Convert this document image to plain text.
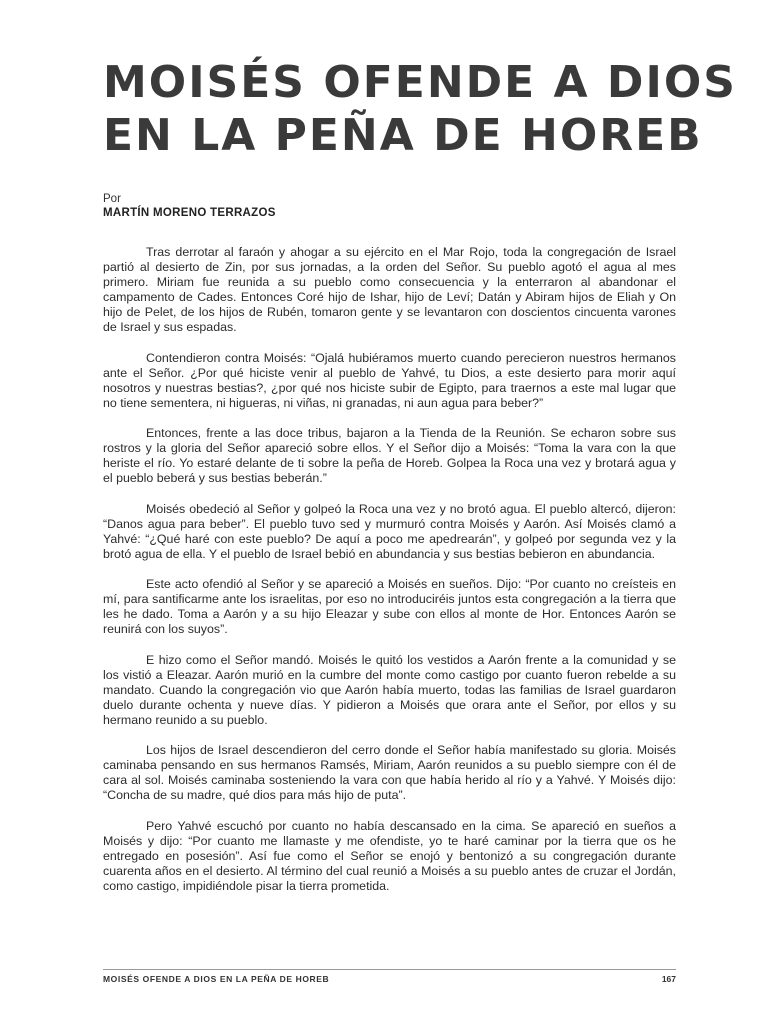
MOISÉS OFENDE A DIOS
EN LA PEÑA DE HOREB
Por
MARTÍN MORENO TERRAZOS

Tras derrotar al faraón y ahogar a su ejército en el Mar Rojo, toda la congregación de Israel partió al desierto de Zin, por sus jornadas, a la orden del Señor. Su pueblo agotó el agua al mes primero. Miriam fue reunida a su pueblo como consecuencia y la enterraron al abandonar el campamento de Cades. Entonces Coré hijo de Ishar, hijo de Leví; Datán y Abiram hijos de Eliah y On hijo de Pelet, de los hijos de Rubén, tomaron gente y se levantaron con doscientos cincuenta varones de Israel y sus espadas.

Contendieron contra Moisés: “Ojalá hubiéramos muerto cuando perecieron nuestros hermanos ante el Señor. ¿Por qué hiciste venir al pueblo de Yahvé, tu Dios, a este desierto para morir aquí nosotros y nuestras bestias?, ¿por qué nos hiciste subir de Egipto, para traernos a este mal lugar que no tiene sementera, ni higueras, ni viñas, ni granadas, ni aun agua para beber?”

Entonces, frente a las doce tribus, bajaron a la Tienda de la Reunión. Se echaron sobre sus rostros y la gloria del Señor apareció sobre ellos. Y el Señor dijo a Moisés: “Toma la vara con la que heriste el río. Yo estaré delante de ti sobre la peña de Horeb. Golpea la Roca una vez y brotará agua y el pueblo beberá y sus bestias beberán.”

Moisés obedeció al Señor y golpeó la Roca una vez y no brotó agua. El pueblo altercó, dijeron: “Danos agua para beber”. El pueblo tuvo sed y murmuró contra Moisés y Aarón. Así Moisés clamó a Yahvé: “¿Qué haré con este pueblo? De aquí a poco me apedrearán”, y golpeó por segunda vez y la brotó agua de ella. Y el pueblo de Israel bebió en abundancia y sus bestias bebieron en abundancia.

Este acto ofendió al Señor y se apareció a Moisés en sueños. Dijo: “Por cuanto no creísteis en mí, para santificarme ante los israelitas, por eso no introduciréis juntos esta congregación a la tierra que les he dado. Toma a Aarón y a su hijo Eleazar y sube con ellos al monte de Hor. Entonces Aarón se reunirá con los suyos”.

E hizo como el Señor mandó. Moisés le quitó los vestidos a Aarón frente a la comunidad y se los vistió a Eleazar. Aarón murió en la cumbre del monte como castigo por cuanto fueron rebelde a su mandato. Cuando la congregación vio que Aarón había muerto, todas las familias de Israel guardaron duelo durante ochenta y nueve días. Y pidieron a Moisés que orara ante el Señor, por ellos y su hermano reunido a su pueblo.

Los hijos de Israel descendieron del cerro donde el Señor había manifestado su gloria. Moisés caminaba pensando en sus hermanos Ramsés, Miriam, Aarón reunidos a su pueblo siempre con él de cara al sol. Moisés caminaba sosteniendo la vara con que había herido al río y a Yahvé. Y Moisés dijo: “Concha de su madre, qué dios para más hijo de puta”.

Pero Yahvé escuchó por cuanto no había descansado en la cima. Se apareció en sueños a Moisés y dijo: “Por cuanto me llamaste y me ofendiste, yo te haré caminar por la tierra que os he entregado en posesión”. Así fue como el Señor se enojó y bentonizó a su congregación durante cuarenta años en el desierto. Al término del cual reunió a Moisés a su pueblo antes de cruzar el Jordán, como castigo, impidiéndole pisar la tierra prometida.

MOISÉS OFENDE A DIOS EN LA PEÑA DE HOREB	167
